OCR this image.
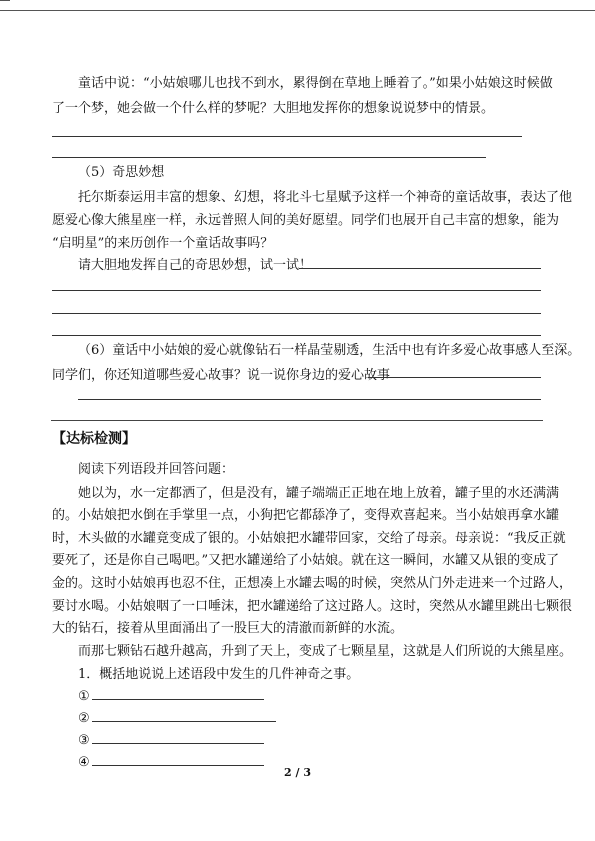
童话中说：“小姑娘哪儿也找不到水，累得倒在草地上睡着了。”如果小姑娘这时候做
了一个梦，她会做一个什么样的梦呢？大胆地发挥你的想象说说梦中的情景。
（5）奇思妙想
托尔斯泰运用丰富的想象、幻想，将北斗七星赋予这样一个神奇的童话故事，表达了他
愿爱心像大熊星座一样，永远普照人间的美好愿望。同学们也展开自己丰富的想象，能为
“启明星”的来历创作一个童话故事吗？
请大胆地发挥自己的奇思妙想，试一试！
（6）童话中小姑娘的爱心就像钻石一样晶莹剔透，生活中也有许多爱心故事感人至深。
同学们，你还知道哪些爱心故事？说一说你身边的爱心故事
【达标检测】
阅读下列语段并回答问题：
她以为，水一定都洒了，但是没有，罐子端端正正地在地上放着，罐子里的水还满满
的。小姑娘把水倒在手掌里一点，小狗把它都舔净了，变得欢喜起来。当小姑娘再拿水罐
时，木头做的水罐竟变成了银的。小姑娘把水罐带回家，交给了母亲。母亲说：“我反正就
要死了，还是你自己喝吧。”又把水罐递给了小姑娘。就在这一瞬间，水罐又从银的变成了
金的。这时小姑娘再也忍不住，正想凑上水罐去喝的时候，突然从门外走进来一个过路人，
要讨水喝。小姑娘咽了一口唾沫，把水罐递给了这过路人。这时，突然从水罐里跳出七颗很
大的钻石，接着从里面涌出了一股巨大的清澈而新鲜的水流。
而那七颗钻石越升越高，升到了天上，变成了七颗星星，这就是人们所说的大熊星座。
1．概括地说说上述语段中发生的几件神奇之事。
①
②
③
④
2 / 3
